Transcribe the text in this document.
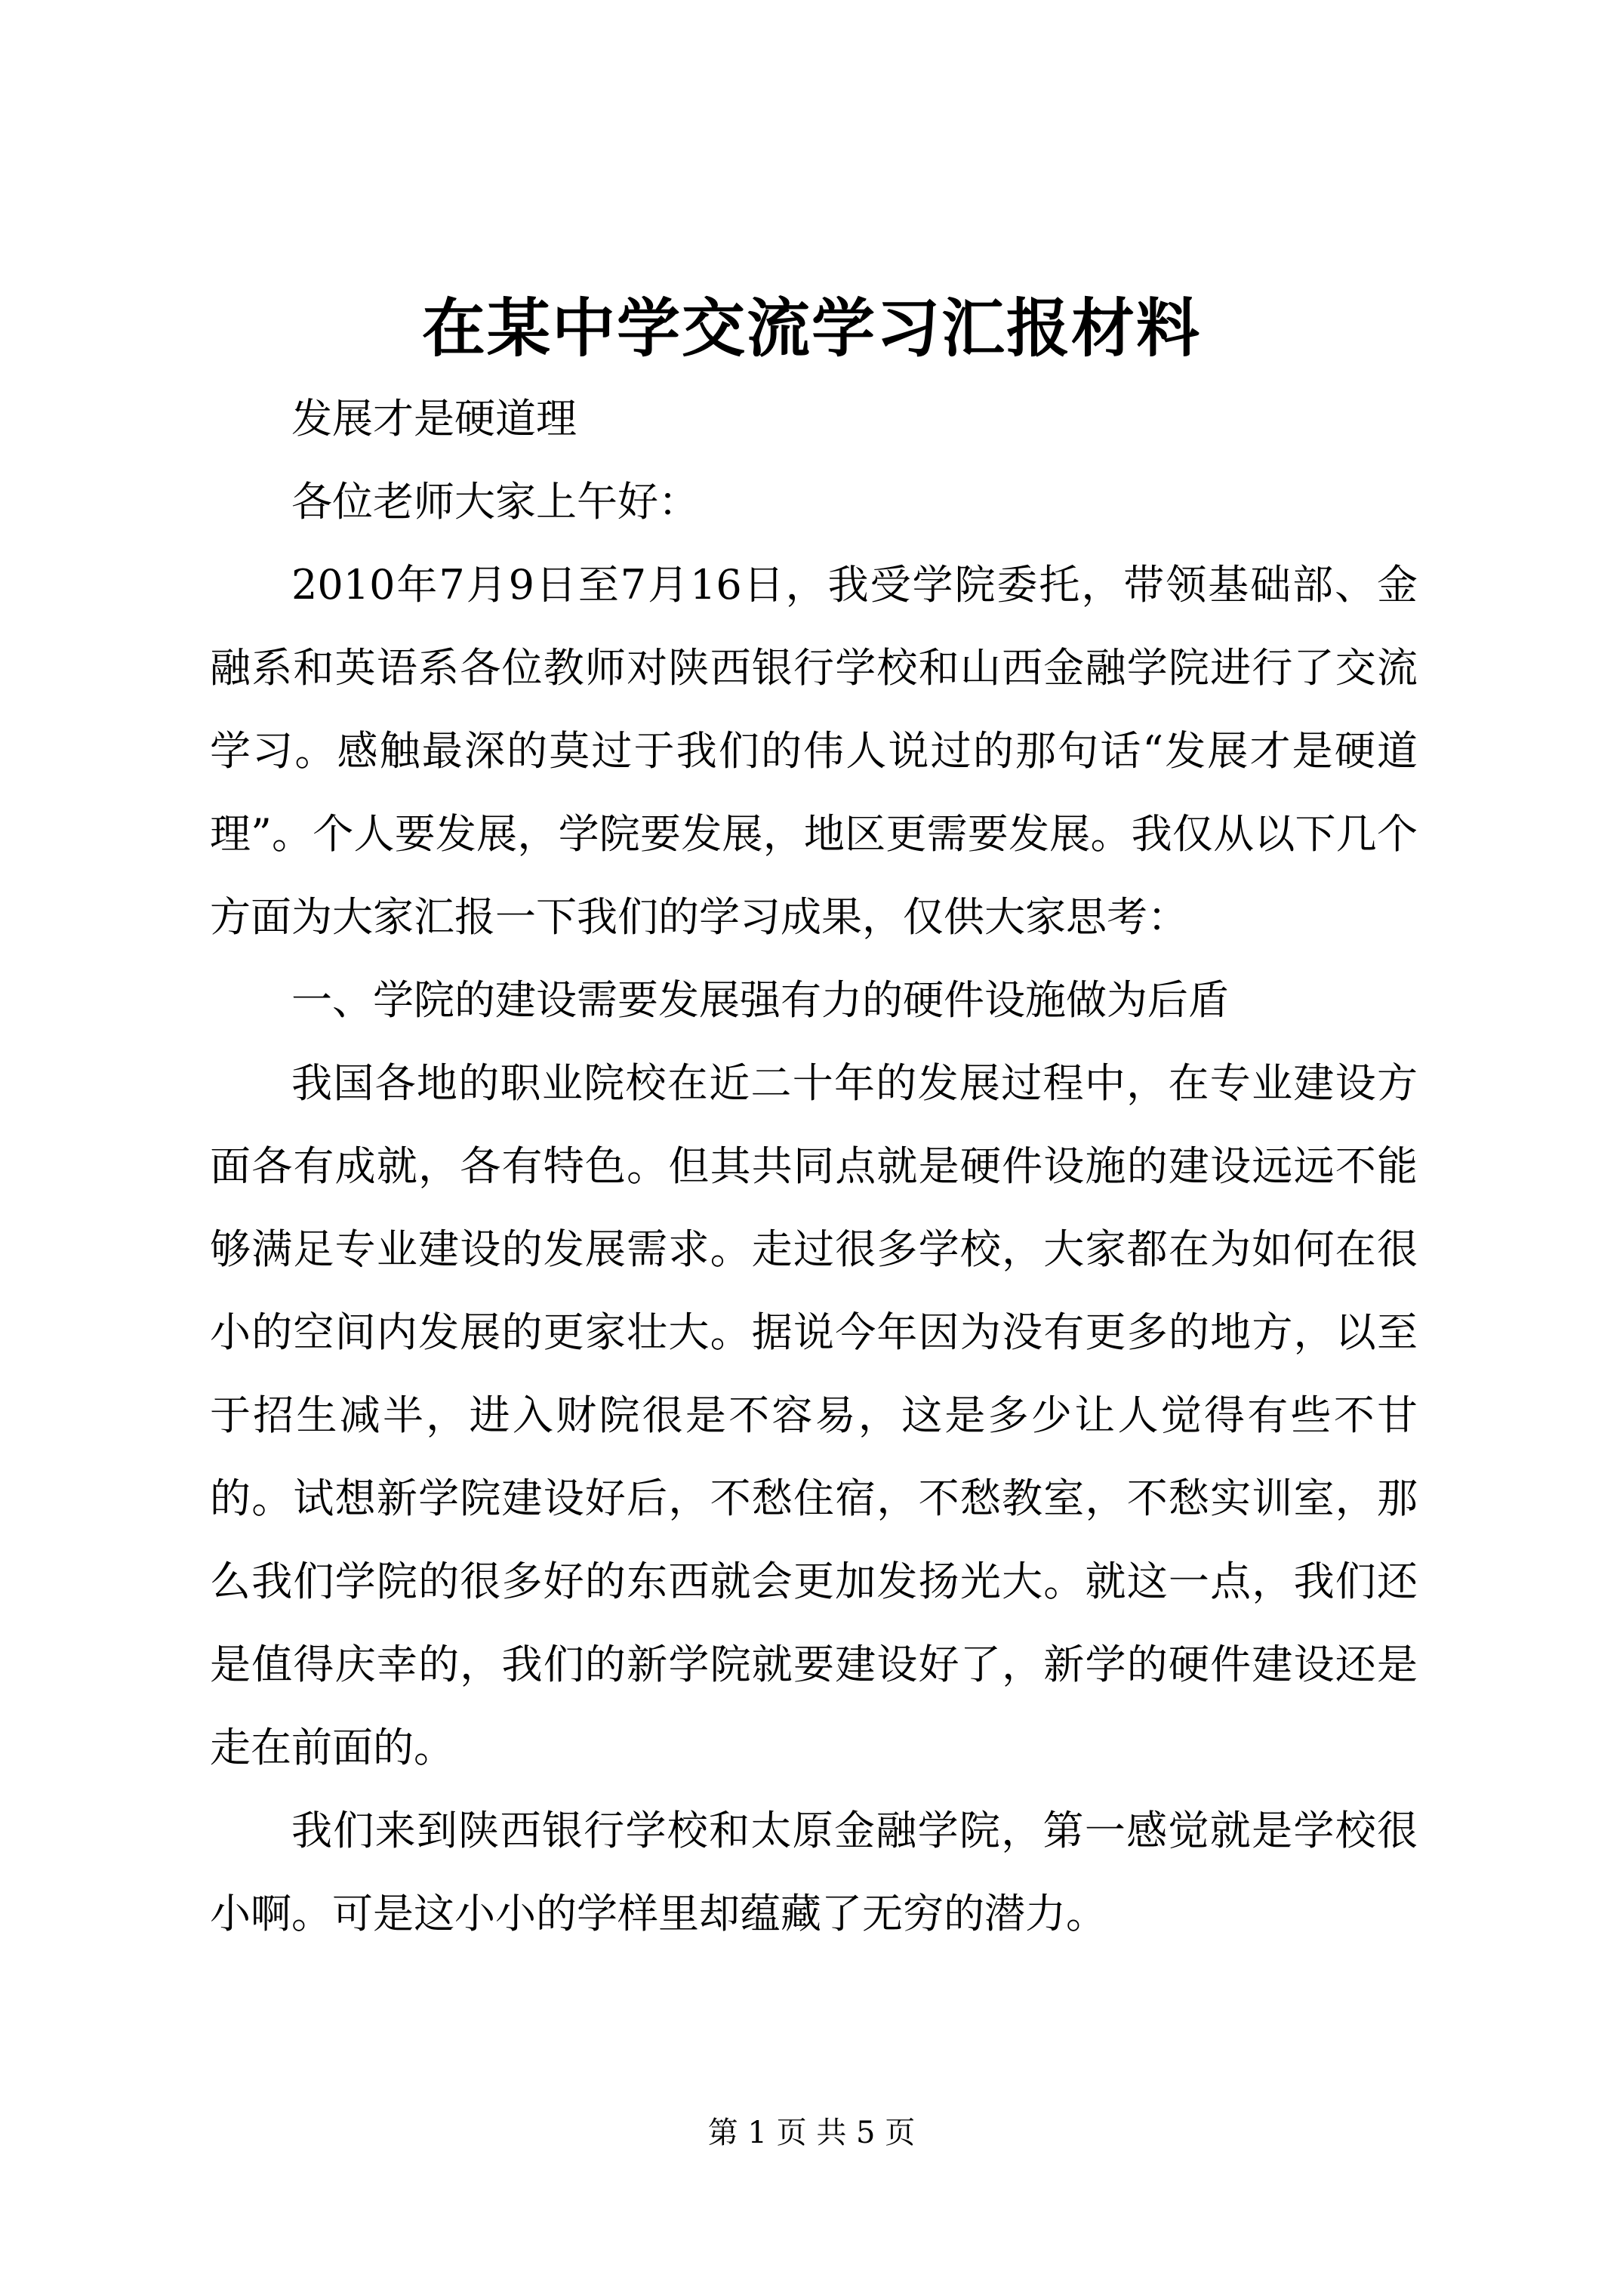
在某中学交流学习汇报材料

发展才是硬道理

各位老师大家上午好：

2010年7月9日至7月16日，我受学院委托，带领基础部、金融系和英语系各位教师对陕西银行学校和山西金融学院进行了交流学习。感触最深的莫过于我们的伟人说过的那句话“发展才是硬道理”。个人要发展，学院要发展，地区更需要发展。我仅从以下几个方面为大家汇报一下我们的学习成果，仅供大家思考：

一、学院的建设需要发展强有力的硬件设施做为后盾

我国各地的职业院校在近二十年的发展过程中，在专业建设方面各有成就，各有特色。但其共同点就是硬件设施的建设远远不能够满足专业建设的发展需求。走过很多学校，大家都在为如何在很小的空间内发展的更家壮大。据说今年因为没有更多的地方，以至于招生减半，进入财院很是不容易，这是多少让人觉得有些不甘的。试想新学院建设好后，不愁住宿，不愁教室，不愁实训室，那么我们学院的很多好的东西就会更加发扬光大。就这一点，我们还是值得庆幸的，我们的新学院就要建设好了，新学的硬件建设还是走在前面的。

我们来到陕西银行学校和太原金融学院，第一感觉就是学校很小啊。可是这小小的学样里却蕴藏了无穷的潜力。

第 1 页 共 5 页
